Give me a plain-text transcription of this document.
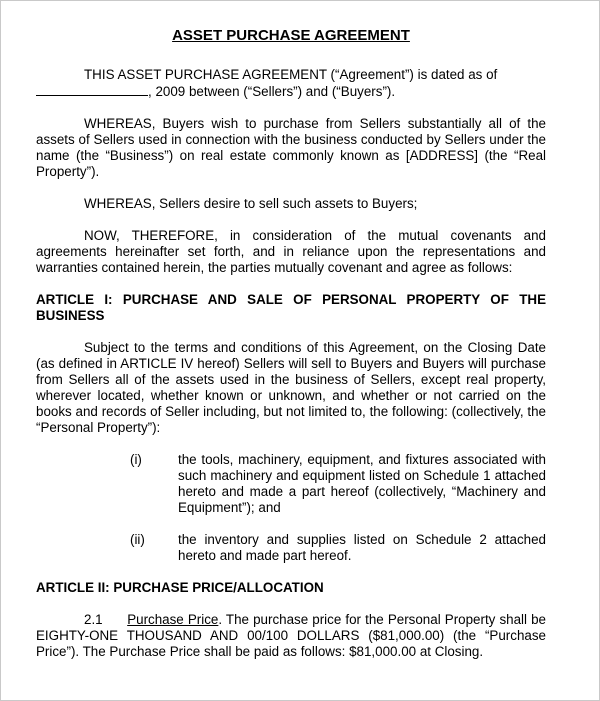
ASSET PURCHASE AGREEMENT

THIS ASSET PURCHASE AGREEMENT (“Agreement”) is dated as of
, 2009 between (“Sellers”) and (“Buyers”).

WHEREAS, Buyers wish to purchase from Sellers substantially all of the assets of Sellers used in connection with the business conducted by Sellers under the name (the “Business”) on real estate commonly known as [ADDRESS] (the “Real Property”).

WHEREAS, Sellers desire to sell such assets to Buyers;

NOW, THEREFORE, in consideration of the mutual covenants and agreements hereinafter set forth, and in reliance upon the representations and warranties contained herein, the parties mutually covenant and agree as follows:

ARTICLE I: PURCHASE AND SALE OF PERSONAL PROPERTY OF THE BUSINESS

Subject to the terms and conditions of this Agreement, on the Closing Date (as defined in ARTICLE IV hereof) Sellers will sell to Buyers and Buyers will purchase from Sellers all of the assets used in the business of Sellers, except real property, wherever located, whether known or unknown, and whether or not carried on the books and records of Seller including, but not limited to, the following: (collectively, the “Personal Property”):

(i)	the tools, machinery, equipment, and fixtures associated with such machinery and equipment listed on Schedule 1 attached hereto and made a part hereof (collectively, “Machinery and Equipment”); and
(ii)	the inventory and supplies listed on Schedule 2 attached hereto and made part hereof.
ARTICLE II: PURCHASE PRICE/ALLOCATION

2.1 Purchase Price. The purchase price for the Personal Property shall be EIGHTY-ONE THOUSAND AND 00/100 DOLLARS ($81,000.00) (the “Purchase Price”). The Purchase Price shall be paid as follows: $81,000.00 at Closing.
